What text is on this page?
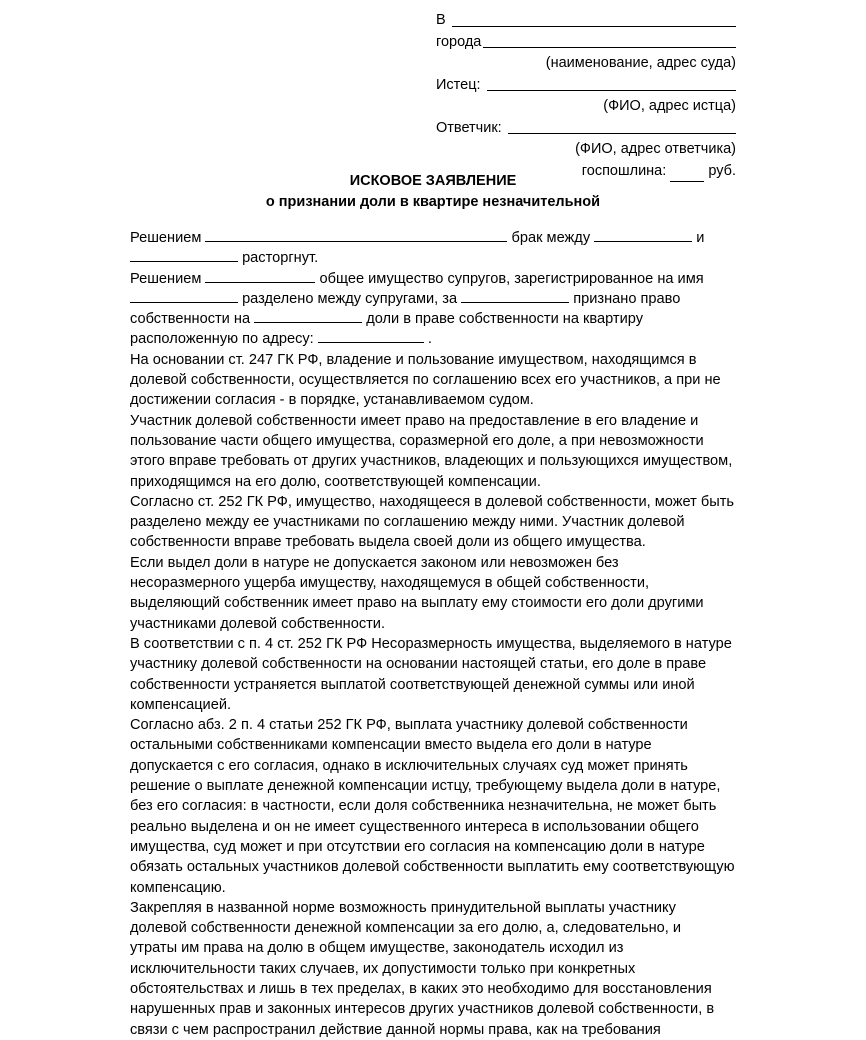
В
города
(наименование, адрес суда)
Истец:
(ФИО, адрес истца)
Ответчик:
(ФИО, адрес ответчика)
госпошлина:

	руб.
ИСКОВОЕ ЗАЯВЛЕНИЕ
о признании доли в квартире незначительной

Решением	брак между	и
расторгнут.

Решением	общее имущество супругов, зарегистрированное на имя
разделено между супругами, за	признано право
собственности на	доли в праве собственности на квартиру
расположенную по адресу:	.

На основании ст. 247 ГК РФ, владение и пользование имуществом, находящимся в
долевой собственности, осуществляется по соглашению всех его участников, а при не
достижении согласия - в порядке, устанавливаемом судом.
Участник долевой собственности имеет право на предоставление в его владение и
пользование части общего имущества, соразмерной его доле, а при невозможности
этого вправе требовать от других участников, владеющих и пользующихся имуществом,
приходящимся на его долю, соответствующей компенсации.
Согласно ст. 252 ГК РФ, имущество, находящееся в долевой собственности, может быть
разделено между ее участниками по соглашению между ними. Участник долевой
собственности вправе требовать выдела своей доли из общего имущества.
Если выдел доли в натуре не допускается законом или невозможен без
несоразмерного ущерба имуществу, находящемуся в общей собственности,
выделяющий собственник имеет право на выплату ему стоимости его доли другими
участниками долевой собственности.
В соответствии с п. 4 ст. 252 ГК РФ Несоразмерность имущества, выделяемого в натуре
участнику долевой собственности на основании настоящей статьи, его доле в праве
собственности устраняется выплатой соответствующей денежной суммы или иной
компенсацией.
Согласно абз. 2 п. 4 статьи 252 ГК РФ, выплата участнику долевой собственности
остальными собственниками компенсации вместо выдела его доли в натуре
допускается с его согласия, однако в исключительных случаях суд может принять
решение о выплате денежной компенсации истцу, требующему выдела доли в натуре,
без его согласия: в частности, если доля собственника незначительна, не может быть
реально выделена и он не имеет существенного интереса в использовании общего
имущества, суд может и при отсутствии его согласия на компенсацию доли в натуре
обязать остальных участников долевой собственности выплатить ему соответствующую
компенсацию.
Закрепляя в названной норме возможность принудительной выплаты участнику
долевой собственности денежной компенсации за его долю, а, следовательно, и
утраты им права на долю в общем имуществе, законодатель исходил из
исключительности таких случаев, их допустимости только при конкретных
обстоятельствах и лишь в тех пределах, в каких это необходимо для восстановления
нарушенных прав и законных интересов других участников долевой собственности, в
связи с чем распространил действие данной нормы права, как на требования
